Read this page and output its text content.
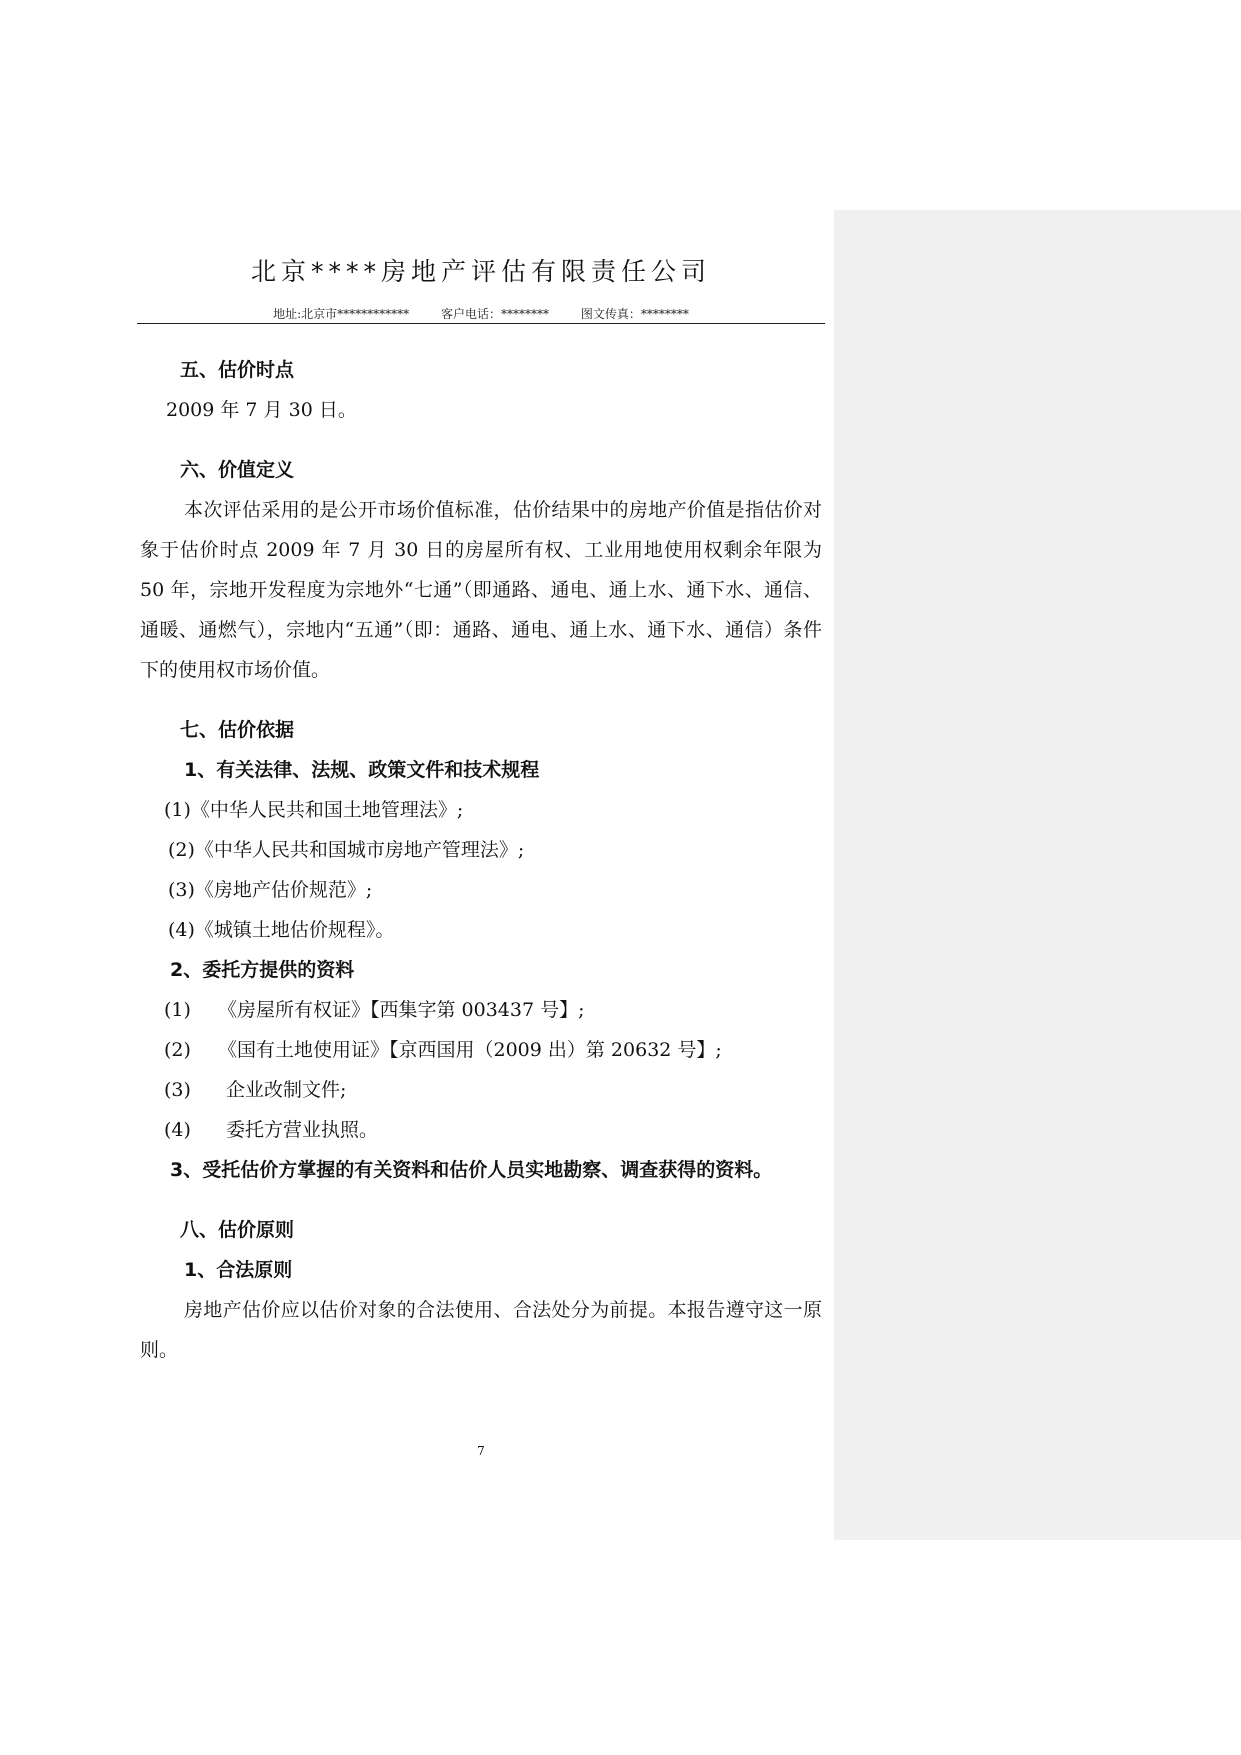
北京****房地产评估有限责任公司
地址:北京市************	客户电话：********	图文传真：********

五、估价时点

2009 年 7 月 30 日。

六、价值定义

本次评估采用的是公开市场价值标准，估价结果中的房地产价值是指估价对象于估价时点 2009 年 7 月 30 日的房屋所有权、工业用地使用权剩余年限为 50 年，宗地开发程度为宗地外“七通”（即通路、通电、通上水、通下水、通信、通暖、通燃气），宗地内“五通”（即：通路、通电、通上水、通下水、通信）条件下的使用权市场价值。

七、估价依据

1、有关法律、法规、政策文件和技术规程

(1)《中华人民共和国土地管理法》;

(2)《中华人民共和国城市房地产管理法》;

(3)《房地产估价规范》;

(4)《城镇土地估价规程》。

2、委托方提供的资料

(1) 《房屋所有权证》【西集字第 003437 号】;

(2) 《国有土地使用证》【京西国用（2009 出）第 20632 号】;

(3) 企业改制文件;

(4) 委托方营业执照。

3、受托估价方掌握的有关资料和估价人员实地勘察、调查获得的资料。

八、估价原则

1、合法原则

房地产估价应以估价对象的合法使用、合法处分为前提。本报告遵守这一原则。

7
